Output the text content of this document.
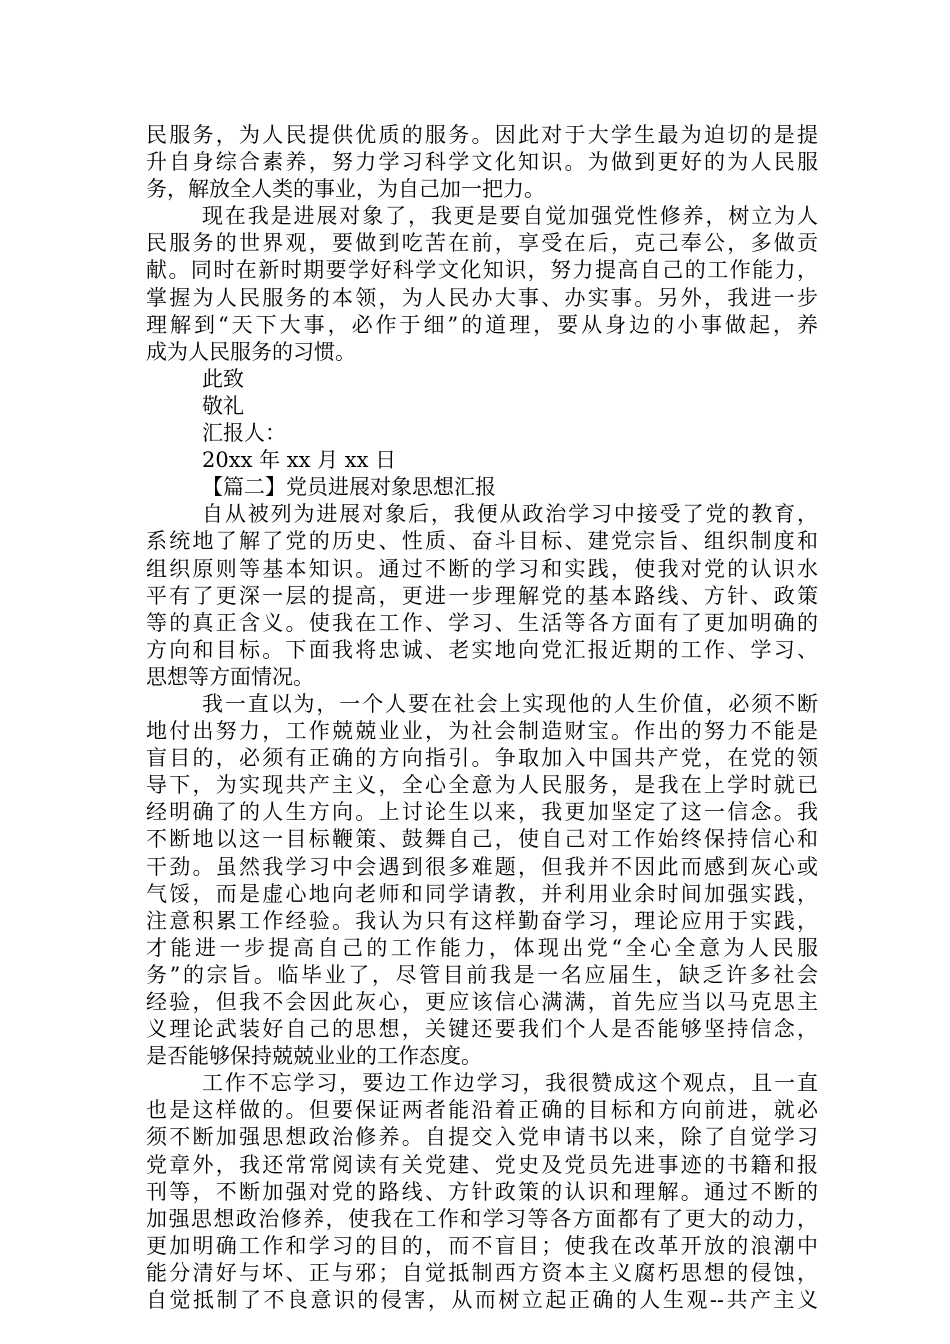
民服务，为人民提供优质的服务。因此对于大学生最为迫切的是提
升自身综合素养，努力学习科学文化知识。为做到更好的为人民服
务，解放全人类的事业，为自己加一把力。
现在我是进展对象了，我更是要自觉加强党性修养，树立为人
民服务的世界观，要做到吃苦在前，享受在后，克己奉公，多做贡
献。同时在新时期要学好科学文化知识，努力提高自己的工作能力，
掌握为人民服务的本领，为人民办大事、办实事。另外，我进一步
理解到“天下大事，必作于细”的道理，要从身边的小事做起，养
成为人民服务的习惯。
此致
敬礼
汇报人：
20xx 年 xx 月 xx 日
【篇二】党员进展对象思想汇报
自从被列为进展对象后，我便从政治学习中接受了党的教育，
系统地了解了党的历史、性质、奋斗目标、建党宗旨、组织制度和
组织原则等基本知识。通过不断的学习和实践，使我对党的认识水
平有了更深一层的提高，更进一步理解党的基本路线、方针、政策
等的真正含义。使我在工作、学习、生活等各方面有了更加明确的
方向和目标。下面我将忠诚、老实地向党汇报近期的工作、学习、
思想等方面情况。
我一直以为，一个人要在社会上实现他的人生价值，必须不断
地付出努力，工作兢兢业业，为社会制造财宝。作出的努力不能是
盲目的，必须有正确的方向指引。争取加入中国共产党，在党的领
导下，为实现共产主义，全心全意为人民服务，是我在上学时就已
经明确了的人生方向。上讨论生以来，我更加坚定了这一信念。我
不断地以这一目标鞭策、鼓舞自己，使自己对工作始终保持信心和
干劲。虽然我学习中会遇到很多难题，但我并不因此而感到灰心或
气馁，而是虚心地向老师和同学请教，并利用业余时间加强实践，
注意积累工作经验。我认为只有这样勤奋学习，理论应用于实践，
才能进一步提高自己的工作能力，体现出党“全心全意为人民服
务”的宗旨。临毕业了，尽管目前我是一名应届生，缺乏许多社会
经验，但我不会因此灰心，更应该信心满满，首先应当以马克思主
义理论武装好自己的思想，关键还要我们个人是否能够坚持信念，
是否能够保持兢兢业业的工作态度。
工作不忘学习，要边工作边学习，我很赞成这个观点，且一直
也是这样做的。但要保证两者能沿着正确的目标和方向前进，就必
须不断加强思想政治修养。自提交入党申请书以来，除了自觉学习
党章外，我还常常阅读有关党建、党史及党员先进事迹的书籍和报
刊等，不断加强对党的路线、方针政策的认识和理解。通过不断的
加强思想政治修养，使我在工作和学习等各方面都有了更大的动力，
更加明确工作和学习的目的，而不盲目；使我在改革开放的浪潮中
能分清好与坏、正与邪；自觉抵制西方资本主义腐朽思想的侵蚀，
自觉抵制了不良意识的侵害，从而树立起正确的人生观--共产主义
